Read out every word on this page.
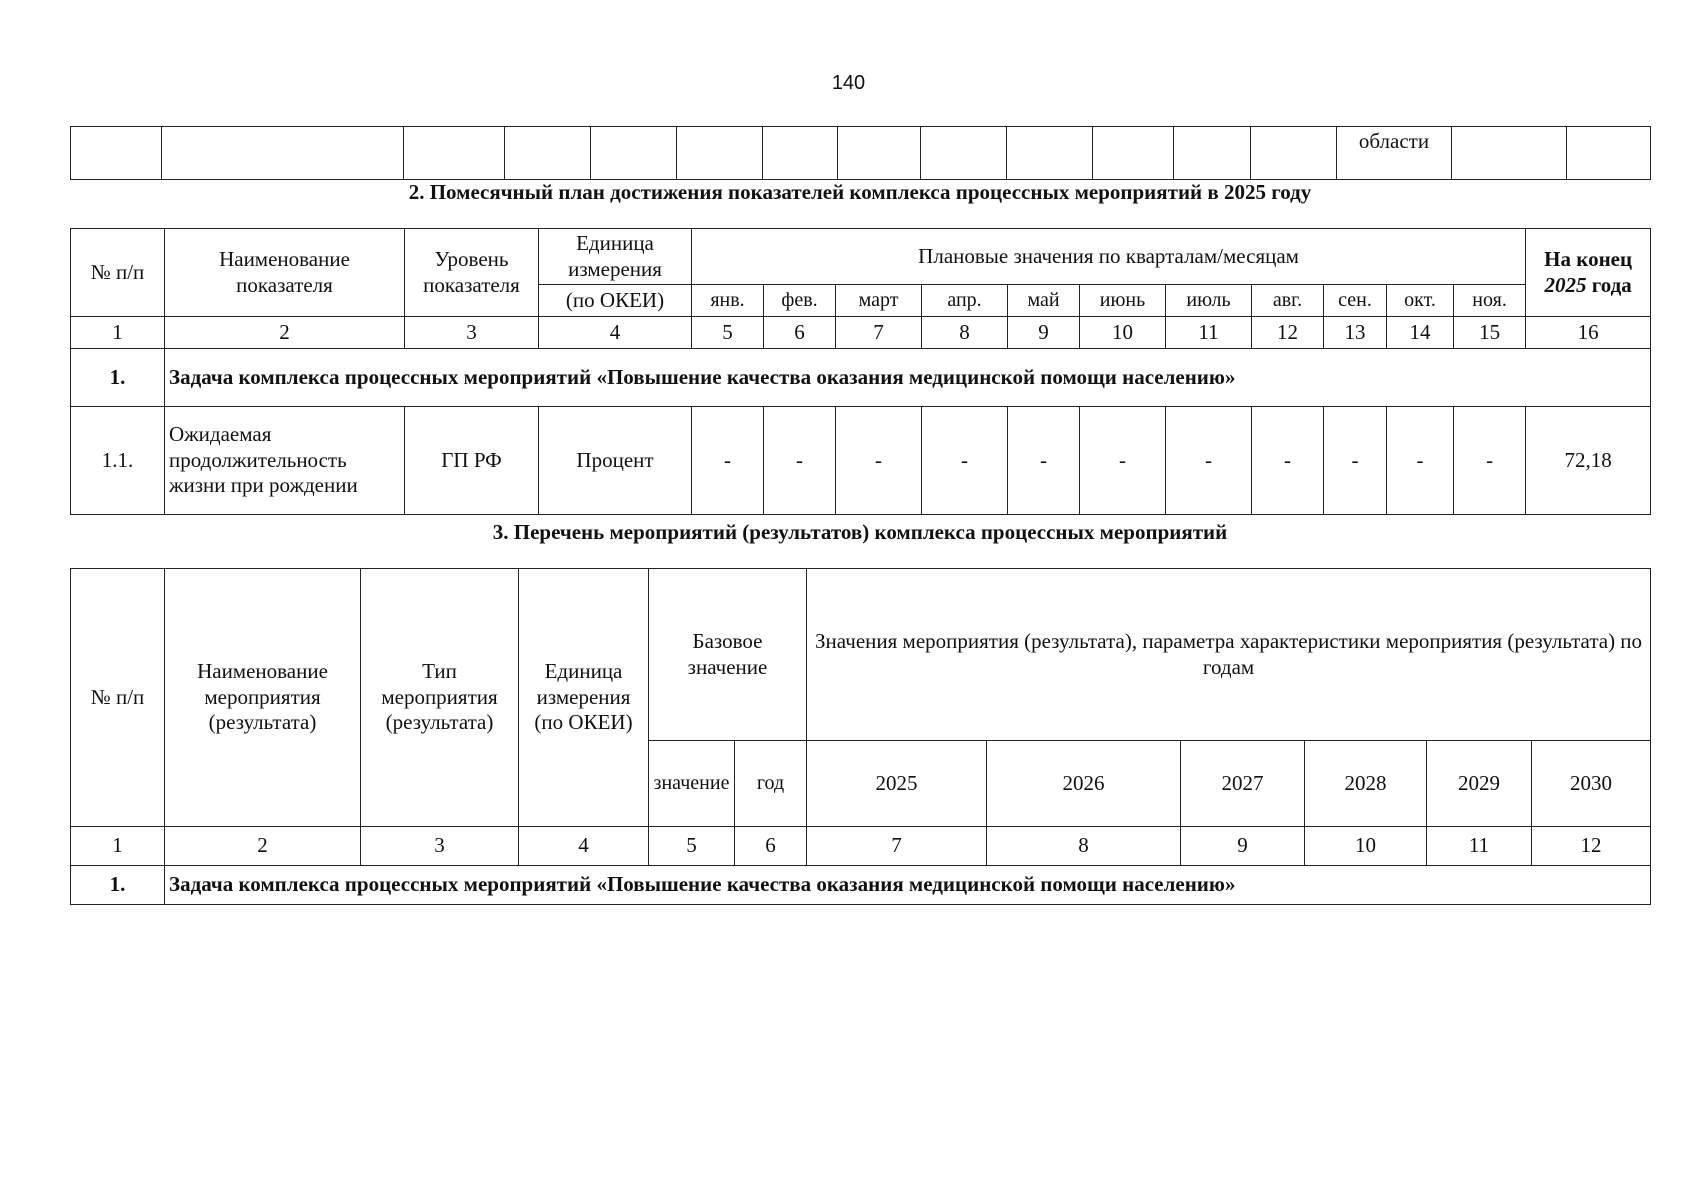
140
													области		
2. Помесячный план достижения показателей комплекса процессных мероприятий в 2025 году
№ п/п	Наименование показателя	Уровень показателя	Единица измерения	Плановые значения по кварталам/месяцам											На конец
2025 года
			(по ОКЕИ)	янв.	фев.	март	апр.	май	июнь	июль	авг.	сен.	окт.	ноя.	
1	2	3	4	5	6	7	8	9	10	11	12	13	14	15	16
1.	Задача комплекса процессных мероприятий «Повышение качества оказания медицинской помощи населению»														
1.1.	Ожидаемая продолжительность жизни при рождении	ГП РФ	Процент	-	-	-	-	-	-	-	-	-	-	-	72,18
3. Перечень мероприятий (результатов) комплекса процессных мероприятий
№ п/п	Наименование мероприятия (результата)	Тип мероприятия (результата)	Единица измерения (по ОКЕИ)	Базовое значение		Значения мероприятия (результата), параметра характеристики мероприятия (результата) по годам					
				значение	год	2025	2026	2027	2028	2029	2030
1	2	3	4	5	6	7	8	9	10	11	12
1.	Задача комплекса процессных мероприятий «Повышение качества оказания медицинской помощи населению»										
